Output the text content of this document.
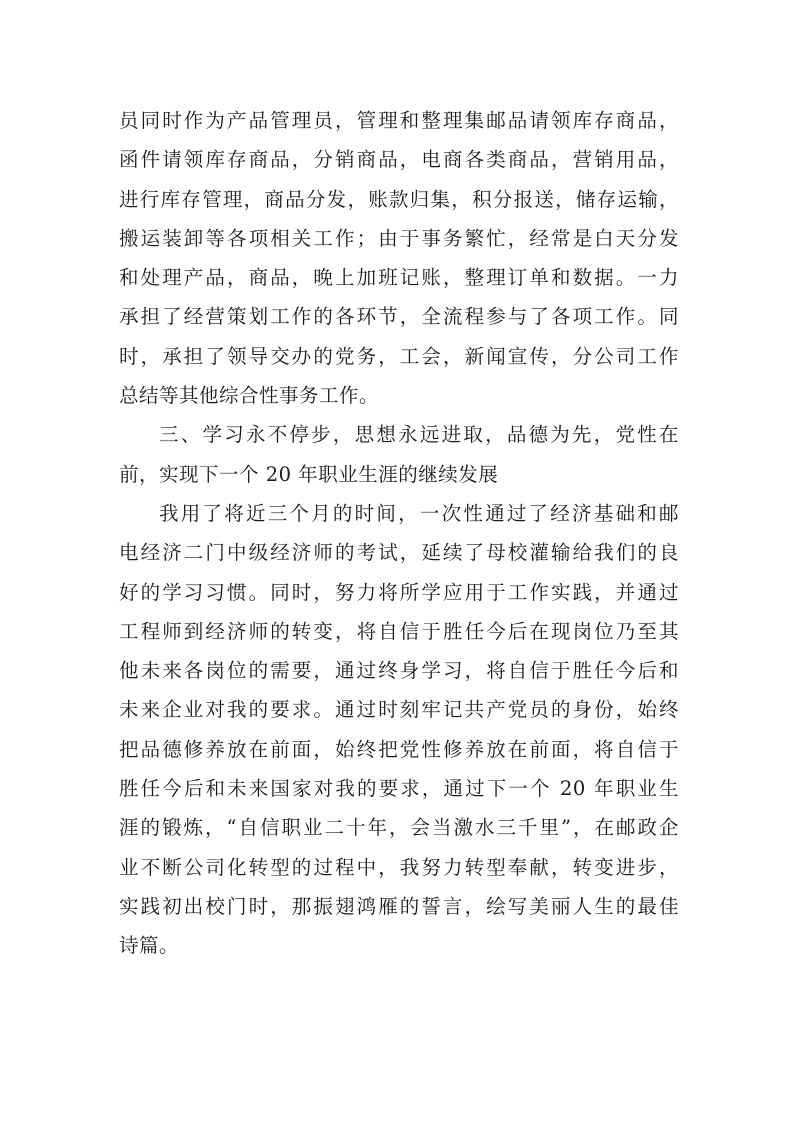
员同时作为产品管理员，管理和整理集邮品请领库存商品，
函件请领库存商品，分销商品，电商各类商品，营销用品，
进行库存管理，商品分发，账款归集，积分报送，储存运输，
搬运装卸等各项相关工作；由于事务繁忙，经常是白天分发
和处理产品，商品，晚上加班记账，整理订单和数据。一力
承担了经营策划工作的各环节，全流程参与了各项工作。同
时，承担了领导交办的党务，工会，新闻宣传，分公司工作
总结等其他综合性事务工作。
三、学习永不停步，思想永远进取，品德为先，党性在
前，实现下一个 20 年职业生涯的继续发展
我用了将近三个月的时间，一次性通过了经济基础和邮
电经济二门中级经济师的考试，延续了母校灌输给我们的良
好的学习习惯。同时，努力将所学应用于工作实践，并通过
工程师到经济师的转变，将自信于胜任今后在现岗位乃至其
他未来各岗位的需要，通过终身学习，将自信于胜任今后和
未来企业对我的要求。通过时刻牢记共产党员的身份，始终
把品德修养放在前面，始终把党性修养放在前面，将自信于
胜任今后和未来国家对我的要求，通过下一个 20 年职业生
涯的锻炼，“自信职业二十年，会当激水三千里”，在邮政企
业不断公司化转型的过程中，我努力转型奉献，转变进步，
实践初出校门时，那振翅鸿雁的誓言，绘写美丽人生的最佳
诗篇。
